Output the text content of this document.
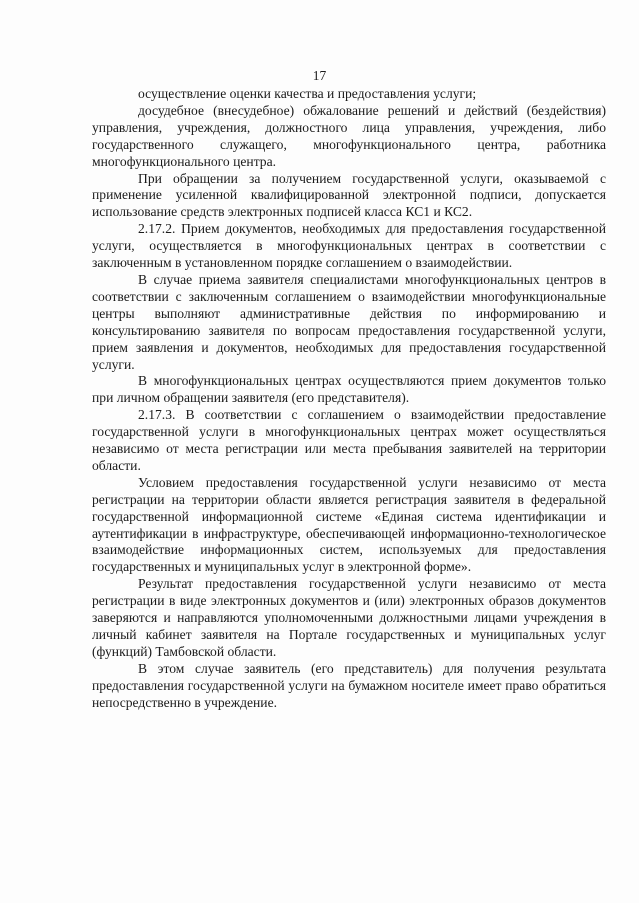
17

осуществление оценки качества и предоставления услуги;

досудебное (внесудебное) обжалование решений и действий (бездействия) управления, учреждения, должностного лица управления, учреждения, либо государственного служащего, многофункционального центра, работника многофункционального центра.

При обращении за получением государственной услуги, оказываемой с применение усиленной квалифицированной электронной подписи, допускается использование средств электронных подписей класса КС1 и КС2.

2.17.2. Прием документов, необходимых для предоставления государственной услуги, осуществляется в многофункциональных центрах в соответствии с заключенным в установленном порядке соглашением о взаимодействии.

В случае приема заявителя специалистами многофункциональных центров в соответствии с заключенным соглашением о взаимодействии многофункциональные центры выполняют административные действия по информированию и консультированию заявителя по вопросам предоставления государственной услуги, прием заявления и документов, необходимых для предоставления государственной услуги.

В многофункциональных центрах осуществляются прием документов только при личном обращении заявителя (его представителя).

2.17.3. В соответствии с соглашением о взаимодействии предоставление государственной услуги в многофункциональных центрах может осуществляться независимо от места регистрации или места пребывания заявителей на территории области.

Условием предоставления государственной услуги независимо от места регистрации на территории области является регистрация заявителя в федеральной государственной информационной системе «Единая система идентификации и аутентификации в инфраструктуре, обеспечивающей информационно-технологическое взаимодействие информационных систем, используемых для предоставления государственных и муниципальных услуг в электронной форме».

Результат предоставления государственной услуги независимо от места регистрации в виде электронных документов и (или) электронных образов документов заверяются и направляются уполномоченными должностными лицами учреждения в личный кабинет заявителя на Портале государственных и муниципальных услуг (функций) Тамбовской области.

В этом случае заявитель (его представитель) для получения результата предоставления государственной услуги на бумажном носителе имеет право обратиться непосредственно в учреждение.
